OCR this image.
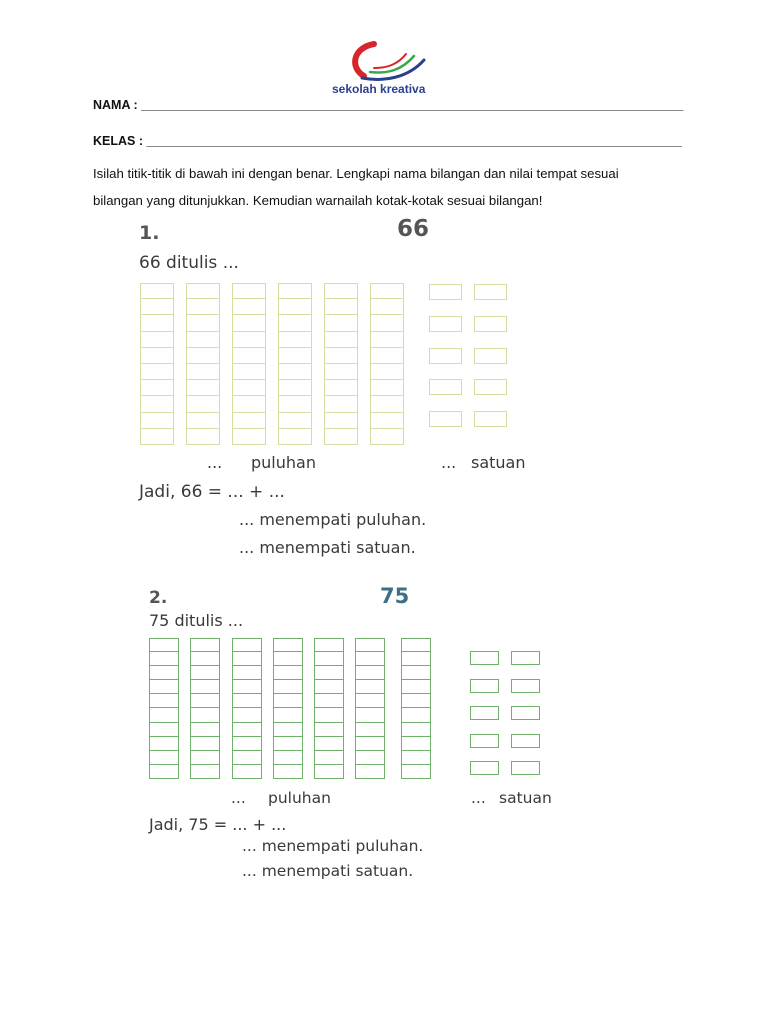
sekolah kreativa
NAMA : ______________________________________________________________________________
KELAS : _____________________________________________________________________________
Isilah titik-titik di bawah ini dengan benar. Lengkapi nama bilangan dan nilai tempat sesuai
bilangan yang ditunjukkan. Kemudian warnailah kotak-kotak sesuai bilangan!
1.	66
66 ditulis ...
... puluhan	... satuan
Jadi, 66 = ... + ...
... menempati puluhan.
... menempati satuan.
2.	75
75 ditulis ...
... puluhan	... satuan
Jadi, 75 = ... + ...
... menempati puluhan.
... menempati satuan.
